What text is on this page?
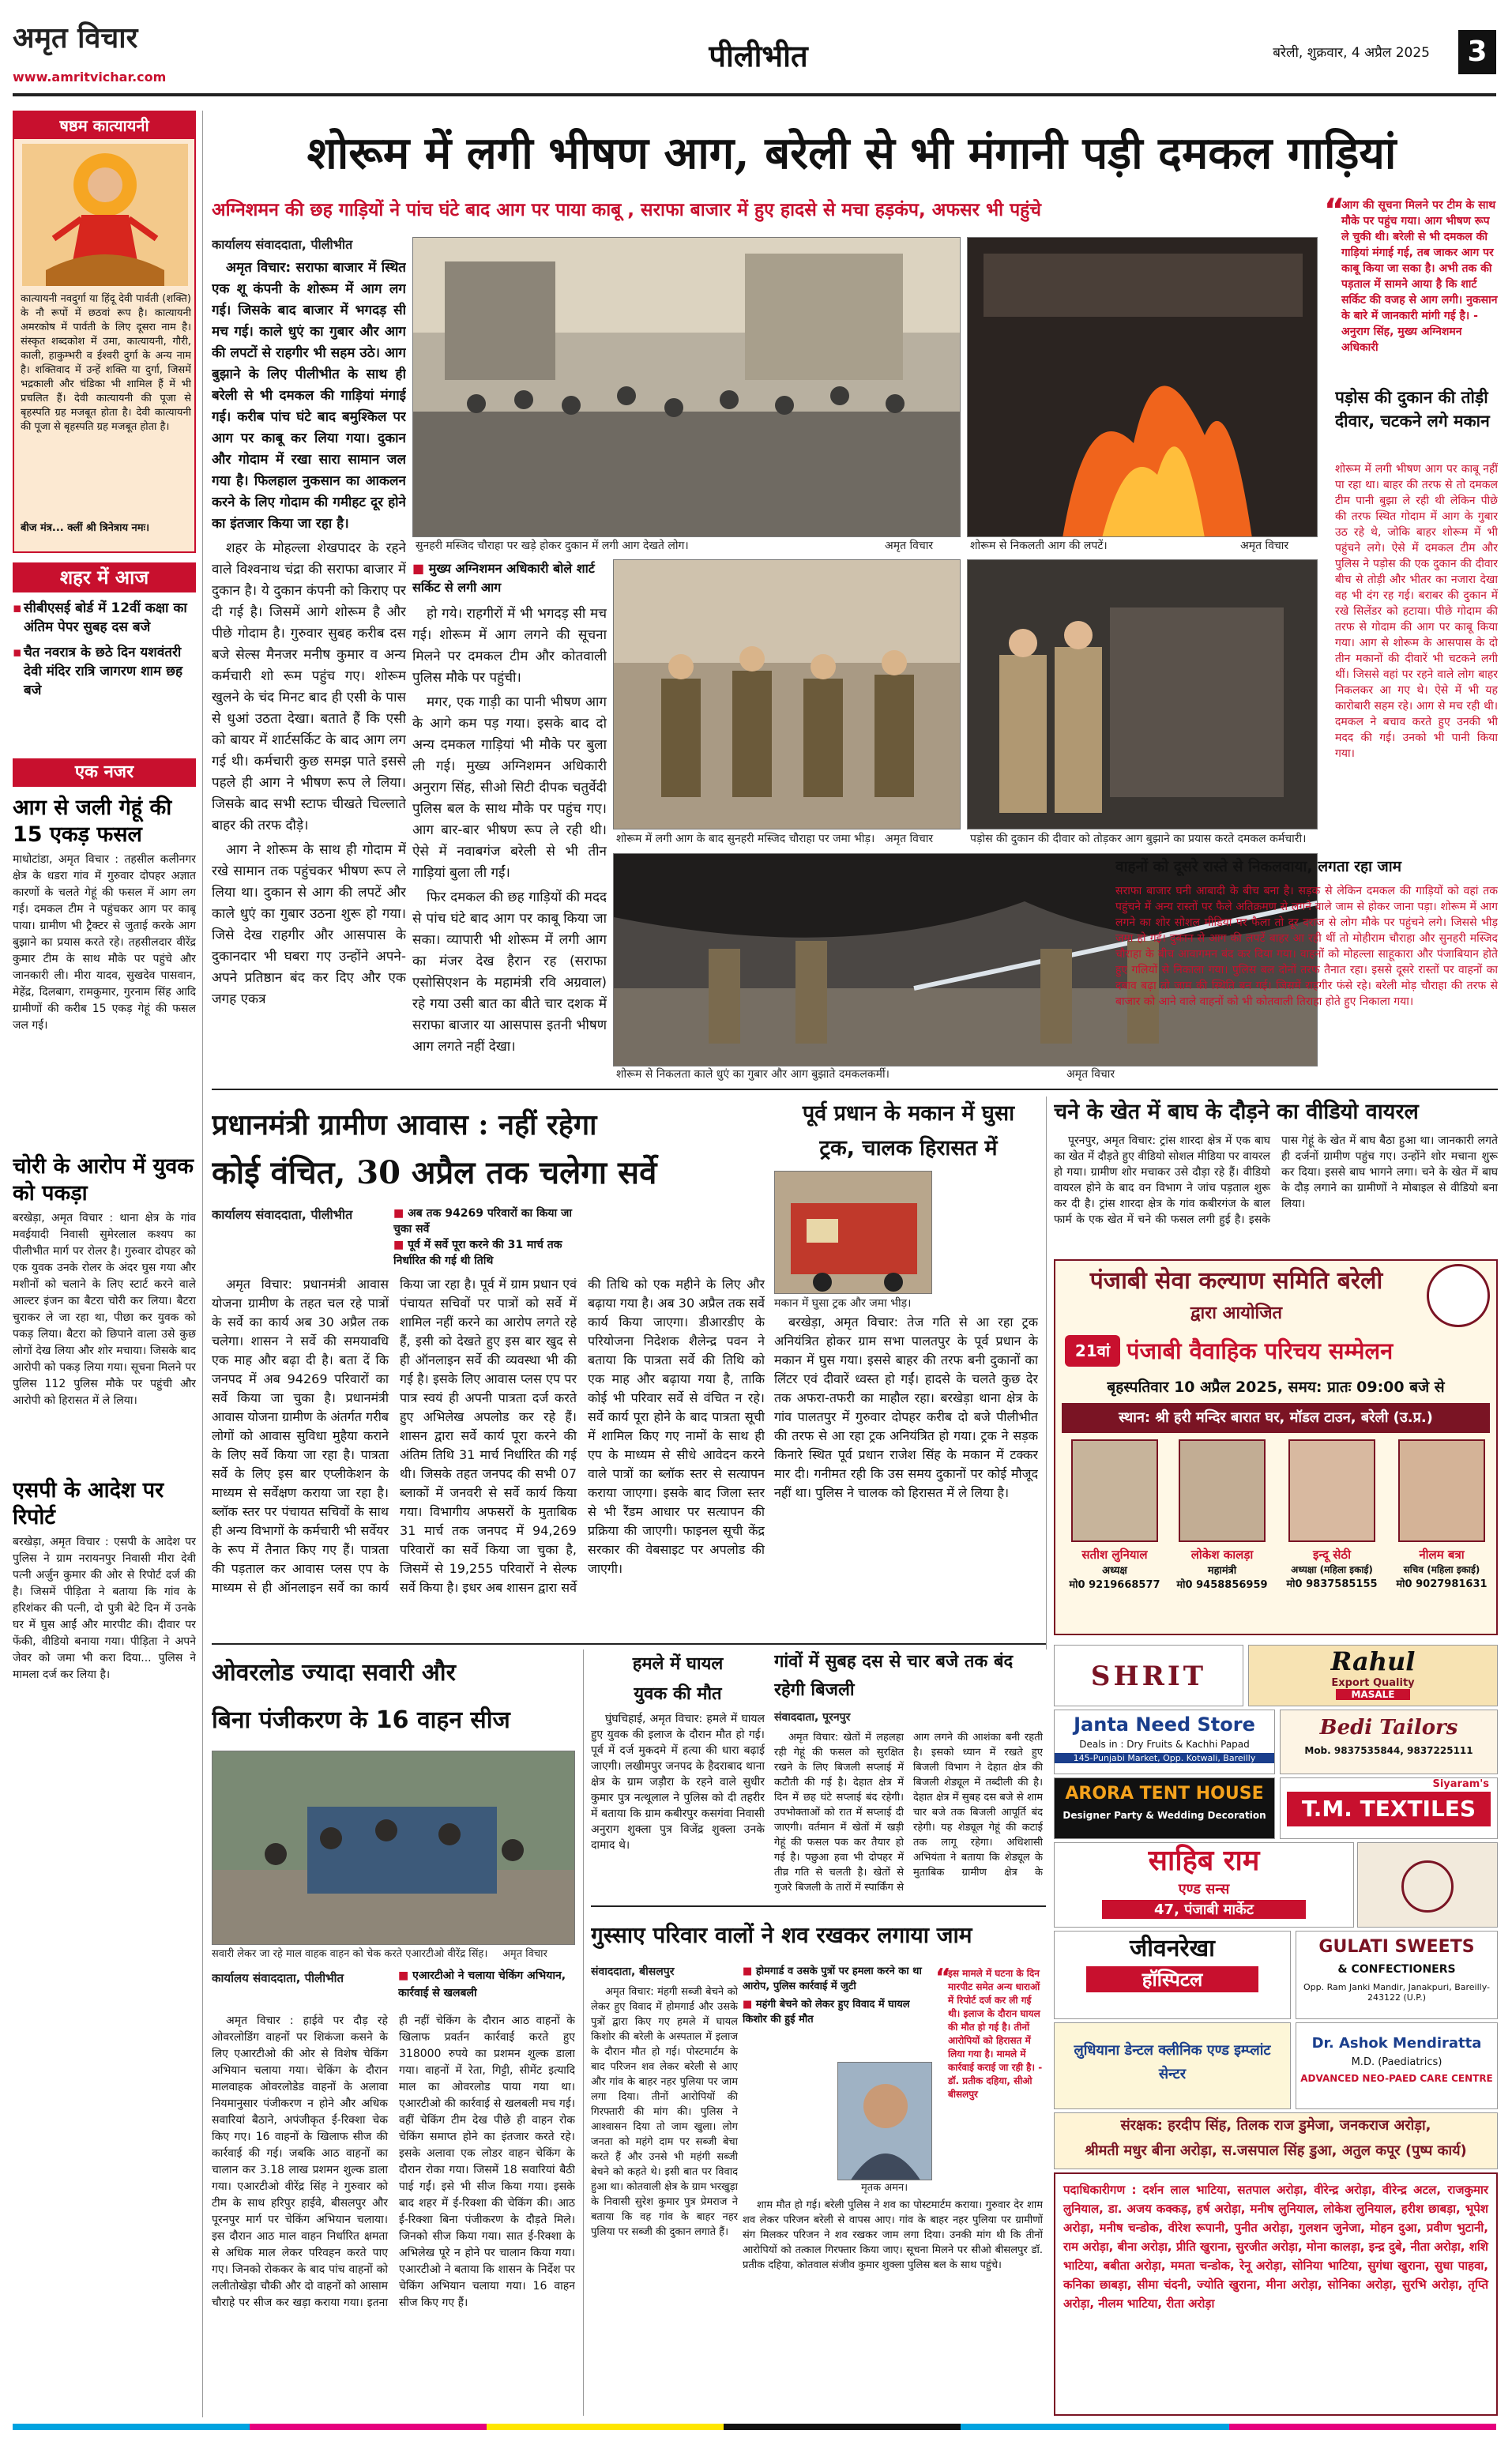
अमृत विचार
www.amritvichar.com
पीलीभीत	बरेली, शुक्रवार, 4 अप्रैल 2025	3
षष्ठम कात्यायनी
कात्यायनी नवदुर्गा या हिंदू देवी पार्वती (शक्ति) के नौ रूपों में छठवां रूप है। कात्यायनी अमरकोष में पार्वती के लिए दूसरा नाम है। संस्कृत शब्दकोश में उमा, कात्यायनी, गौरी, काली, हाकुम्भरी व ईश्वरी दुर्गा के अन्य नाम है। शक्तिवाद में उन्हें शक्ति या दुर्गा, जिसमें भद्रकाली और चंडिका भी शामिल हैं में भी प्रचलित हैं। देवी कात्यायनी की पूजा से बृहस्पति ग्रह मजबूत होता है। देवी कात्यायनी की पूजा से बृहस्पति ग्रह मजबूत होता है।
बीज मंत्र... क्लीं श्री त्रिनेत्राय नमः।
शहर में आज
▪ सीबीएसई बोर्ड में 12वीं कक्षा का अंतिम पेपर सुबह दस बजे
▪ चैत नवरात्र के छठे दिन यशवंतरी देवी मंदिर रात्रि जागरण शाम छह बजे
एक नजर
आग से जली गेहूं की 15 एकड़ फसल
माधोटांडा, अमृत विचार : तहसील कलीनगर क्षेत्र के धडरा गांव में गुरुवार दोपहर अज्ञात कारणों के चलते गेहूं की फसल में आग लग गई। दमकल टीम ने पहुंचकर आग पर काबू पाया। ग्रामीण भी ट्रैक्टर से जुताई करके आग बुझाने का प्रयास करते रहे। तहसीलदार वीरेंद्र कुमार टीम के साथ मौके पर पहुंचे और जानकारी ली। मीरा यादव, सुखदेव पासवान, मेहेंद्र, दिलबाग, रामकुमार, गुरनाम सिंह आदि ग्रामीणों की करीब 15 एकड़ गेहूं की फसल जल गई।
चोरी के आरोप में युवक को पकड़ा
बरखेड़ा, अमृत विचार : थाना क्षेत्र के गांव मवईयादी निवासी सुमेरलाल कश्यप का पीलीभीत मार्ग पर रोलर है। गुरुवार दोपहर को एक युवक उनके रोलर के अंदर घुस गया और मशीनों को चलाने के लिए स्टार्ट करने वाले आल्टर इंजन का बैटरा चोरी कर लिया। बैटरा चुराकर ले जा रहा था, पीछा कर युवक को पकड़ लिया। बैटरा को छिपाने वाला उसे कुछ लोगों देख लिया और शोर मचाया। जिसके बाद आरोपी को पकड़ लिया गया। सूचना मिलने पर पुलिस 112 पुलिस मौके पर पहुंची और आरोपी को हिरासत में ले लिया।
एसपी के आदेश पर रिपोर्ट
बरखेड़ा, अमृत विचार : एसपी के आदेश पर पुलिस ने ग्राम नरायनपुर निवासी मीरा देवी पत्नी अर्जुन कुमार की ओर से रिपोर्ट दर्ज की है। जिसमें पीड़िता ने बताया कि गांव के हरिशंकर की पत्नी, दो पुत्री बेटे दिन में उनके घर में घुस आईं और मारपीट की। दीवार पर फेंकी, वीडियो बनाया गया। पीड़िता ने अपने जेवर को जमा भी करा दिया... पुलिस ने मामला दर्ज कर लिया है।
शोरूम में लगी भीषण आग, बरेली से भी मंगानी पड़ी दमकल गाड़ियां
अग्निशमन की छह गाड़ियों ने पांच घंटे बाद आग पर पाया काबू , सराफा बाजार में हुए हादसे से मचा हड़कंप, अफसर भी पहुंचे
कार्यालय संवाददाता, पीलीभीत

अमृत विचार: सराफा बाजार में स्थित एक शू कंपनी के शोरूम में आग लग गई। जिसके बाद बाजार में भगदड़ सी मच गई। काले धुएं का गुबार और आग की लपटों से राहगीर भी सहम उठे। आग बुझाने के लिए पीलीभीत के साथ ही बरेली से भी दमकल की गाड़ियां मंगाई गई। करीब पांच घंटे बाद बमुश्किल पर आग पर काबू कर लिया गया। दुकान और गोदाम में रखा सारा सामान जल गया है। फिलहाल नुकसान का आकलन करने के लिए गोदाम की गमीहट दूर होने का इंतजार किया जा रहा है।

शहर के मोहल्ला शेखपादर के रहने वाले विश्वनाथ चंद्रा की सराफा बाजार में दुकान है। ये दुकान कंपनी को किराए पर दी गई है। जिसमें आगे शोरूम है और पीछे गोदाम है। गुरुवार सुबह करीब दस बजे सेल्स मैनजर मनीष कुमार व अन्य कर्मचारी शो रूम पहुंच गए। शोरूम खुलने के चंद मिनट बाद ही एसी के पास से धुआं उठता देखा। बताते हैं कि एसी को बायर में शार्टसर्किट के बाद आग लग गई थी। कर्मचारी कुछ समझ पाते इससे पहले ही आग ने भीषण रूप ले लिया। जिसके बाद सभी स्टाफ चीखते चिल्लाते बाहर की तरफ दौड़े।

आग ने शोरूम के साथ ही गोदाम में रखे सामान तक पहुंचकर भीषण रूप ले लिया था। दुकान से आग की लपटें और काले धुएं का गुबार उठना शुरू हो गया। जिसे देख राहगीर और आसपास के दुकानदार भी घबरा गए उन्होंने अपने-अपने प्रतिष्ठान बंद कर दिए और एक जगह एकत्र

सुनहरी मस्जिद चौराहा पर खड़े होकर दुकान में लगी आग देखते लोग।	अमृत विचार	शोरूम से निकलती आग की लपटें।	अमृत विचार
“
आग की सूचना मिलने पर टीम के साथ मौके पर पहुंच गया। आग भीषण रूप ले चुकी थी। बरेली से भी दमकल की गाड़ियां मंगाई गई, तब जाकर आग पर काबू किया जा सका है। अभी तक की पड़ताल में सामने आया है कि शार्ट सर्किट की वजह से आग लगी। नुकसान के बारे में जानकारी मांगी गई है। - अनुराग सिंह, मुख्य अग्निशमन अधिकारी
पड़ोस की दुकान की तोड़ी दीवार, चटकने लगे मकान
शोरूम में लगी भीषण आग पर काबू नहीं पा रहा था। बाहर की तरफ से तो दमकल टीम पानी बुझा ले रही थी लेकिन पीछे की तरफ स्थित गोदाम में आग के गुबार उठ रहे थे, जोकि बाहर शोरूम में भी पहुंचने लगे। ऐसे में दमकल टीम और पुलिस ने पड़ोस की एक दुकान की दीवार बीच से तोड़ी और भीतर का नजारा देखा वह भी दंग रह गई। बराबर की दुकान में रखे सिलेंडर को हटाया। पीछे गोदाम की तरफ से गोदाम की आग पर काबू किया गया। आग से शोरूम के आसपास के दो तीन मकानों की दीवारें भी चटकने लगी थीं। जिससे वहां पर रहने वाले लोग बाहर निकलकर आ गए थे। ऐसे में भी यह कारोबारी सहम रहे। आग से मच रही थी। दमकल ने बचाव करते हुए उनकी भी मदद की गई। उनको भी पानी किया गया।
■ मुख्य अग्निशमन अधिकारी बोले शार्ट सर्किट से लगी आग

हो गये। राहगीरों में भी भगदड़ सी मच गई। शोरूम में आग लगने की सूचना मिलने पर दमकल टीम और कोतवाली पुलिस मौके पर पहुंची।

मगर, एक गाड़ी का पानी भीषण आग के आगे कम पड़ गया। इसके बाद दो अन्य दमकल गाड़ियां भी मौके पर बुला ली गई। मुख्य अग्निशमन अधिकारी अनुराग सिंह, सीओ सिटी दीपक चतुर्वेदी पुलिस बल के साथ मौके पर पहुंच गए। आग बार-बार भीषण रूप ले रही थी। ऐसे में नवाबगंज बरेली से भी तीन गाड़ियां बुला ली गईं।

फिर दमकल की छह गाड़ियों की मदद से पांच घंटे बाद आग पर काबू किया जा सका। व्यापारी भी शोरूम में लगी आग का मंजर देख हैरान रह (सराफा एसोसिएशन के महामंत्री रवि अग्रवाल) रहे गया उसी बात का बीते चार दशक में सराफा बाजार या आसपास इतनी भीषण आग लगते नहीं देखा।

शोरूम में लगी आग के बाद सुनहरी मस्जिद चौराहा पर जमा भीड़। अमृत विचार	पड़ोस की दुकान की दीवार को तोड़कर आग बुझाने का प्रयास करते दमकल कर्मचारी।
शोरूम से निकलता काले धुएं का गुबार और आग बुझाते दमकलकर्मी।	अमृत विचार
वाहनों को दूसरे रास्ते से निकलवाया, लगता रहा जाम
सराफा बाजार घनी आबादी के बीच बना है। सड़क से लेकिन दमकल की गाड़ियों को वहां तक पहुंचने में अन्य रास्तों पर फैले अतिक्रमण से लगने वाले जाम से होकर जाना पड़ा। शोरूम में आग लगने का शोर सोशल मीडिया पर फैला तो दूर दराज से लोग मौके पर पहुंचने लगे। जिससे भीड़ जमा हो गई। दुकान से आग की लपटें बाहर आ रही थीं तो मोहीराम चौराहा और सुनहरी मस्जिद चौराहा के बीच आवागमन बंद कर दिया गया। वाहनों को मोहल्ला साहूकारा और पंजाबियान होते हुए गलियों से निकाला गया। पुलिस बल दोनों तरफ तैनात रहा। इससे दूसरे रास्तों पर वाहनों का दबाव बढ़ा तो जाम की स्थिति बन गई। जिसमें राहगीर फंसे रहे। बरेली मोड़ चौराहा की तरफ से बाजार को आने वाले वाहनों को भी कोतवाली तिराहा होते हुए निकाला गया।
प्रधानमंत्री ग्रामीण आवास : नहीं रहेगा
कोई वंचित, 30 अप्रैल तक चलेगा सर्वे
कार्यालय संवाददाता, पीलीभीत	■ अब तक 94269 परिवारों का किया जा चुका सर्वे
■ पूर्व में सर्वे पूरा करने की 31 मार्च तक निर्धारित की गई थी तिथि

अमृत विचार: प्रधानमंत्री आवास योजना ग्रामीण के तहत चल रहे पात्रों के सर्वे का कार्य अब 30 अप्रैल तक चलेगा। शासन ने सर्वे की समयावधि एक माह और बढ़ा दी है। बता दें कि जनपद में अब 94269 परिवारों का सर्वे किया जा चुका है। प्रधानमंत्री आवास योजना ग्रामीण के अंतर्गत गरीब लोगों को आवास सुविधा मुहैया कराने के लिए सर्वे किया जा रहा है। पात्रता सर्वे के लिए इस बार एप्लीकेशन के माध्यम से सर्वेक्षण कराया जा रहा है। ब्लॉक स्तर पर पंचायत सचिवों के साथ ही अन्य विभागों के कर्मचारी भी सर्वेयर के रूप में तैनात किए गए हैं। पात्रता की पड़ताल कर आवास प्लस एप के माध्यम से ही ऑनलाइन सर्वे का कार्य किया जा रहा है। पूर्व में ग्राम प्रधान एवं पंचायत सचिवों पर पात्रों को सर्वे में शामिल नहीं करने का आरोप लगते रहे हैं, इसी को देखते हुए इस बार खुद से ही ऑनलाइन सर्वे की व्यवस्था भी की गई है। इसके लिए आवास प्लस एप पर पात्र स्वयं ही अपनी पात्रता दर्ज करते हुए अभिलेख अपलोड कर रहे हैं। शासन द्वारा सर्वे कार्य पूरा करने की अंतिम तिथि 31 मार्च निर्धारित की गई थी। जिसके तहत जनपद की सभी 07 ब्लाकों में जनवरी से सर्वे कार्य किया गया। विभागीय अफसरों के मुताबिक 31 मार्च तक जनपद में 94,269 परिवारों का सर्वे किया जा चुका है, जिसमें से 19,255 परिवारों ने सेल्फ सर्वे किया है। इधर अब शासन द्वारा सर्वे की तिथि को एक महीने के लिए और बढ़ाया गया है। अब 30 अप्रैल तक सर्वे कार्य किया जाएगा। डीआरडीए के परियोजना निदेशक शैलेन्द्र पवन ने बताया कि पात्रता सर्वे की तिथि को एक माह और बढ़ाया गया है, ताकि कोई भी परिवार सर्वे से वंचित न रहे। सर्वे कार्य पूरा होने के बाद पात्रता सूची में शामिल किए गए नामों के साथ ही एप के माध्यम से सीधे आवेदन करने वाले पात्रों का ब्लॉक स्तर से सत्यापन कराया जाएगा। इसके बाद जिला स्तर से भी रैंडम आधार पर सत्यापन की प्रक्रिया की जाएगी। फाइनल सूची केंद्र सरकार की वेबसाइट पर अपलोड की जाएगी।

पूर्व प्रधान के मकान में घुसा
ट्रक, चालक हिरासत में
मकान में घुसा ट्रक और जमा भीड़।

बरखेड़ा, अमृत विचार: तेज गति से आ रहा ट्रक अनियंत्रित होकर ग्राम सभा पालतपुर के पूर्व प्रधान के मकान में घुस गया। इससे बाहर की तरफ बनी दुकानों का लिंटर एवं दीवारें ध्वस्त हो गईं। हादसे के चलते कुछ देर तक अफरा-तफरी का माहौल रहा। बरखेड़ा थाना क्षेत्र के गांव पालतपुर में गुरुवार दोपहर करीब दो बजे पीलीभीत की तरफ से आ रहा ट्रक अनियंत्रित हो गया। ट्रक ने सड़क किनारे स्थित पूर्व प्रधान राजेश सिंह के मकान में टक्कर मार दी। गनीमत रही कि उस समय दुकानों पर कोई मौजूद नहीं था। पुलिस ने चालक को हिरासत में ले लिया है।

चने के खेत में बाघ के दौड़ने का वीडियो वायरल

पूरनपुर, अमृत विचार: ट्रांस शारदा क्षेत्र में एक बाघ का खेत में दौड़ते हुए वीडियो सोशल मीडिया पर वायरल हो गया। ग्रामीण शोर मचाकर उसे दौड़ा रहे हैं। वीडियो वायरल होने के बाद वन विभाग ने जांच पड़ताल शुरू कर दी है। ट्रांस शारदा क्षेत्र के गांव कबीरगंज के बाल फार्म के एक खेत में चने की फसल लगी हुई है। इसके पास गेहूं के खेत में बाघ बैठा हुआ था। जानकारी लगते ही दर्जनों ग्रामीण पहुंच गए। उन्होंने शोर मचाना शुरू कर दिया। इससे बाघ भागने लगा। चने के खेत में बाघ के दौड़ लगाने का ग्रामीणों ने मोबाइल से वीडियो बना लिया।

पंजाबी सेवा कल्याण समिति बरेली
द्वारा आयोजित
21वां पंजाबी वैवाहिक परिचय सम्मेलन
बृहस्पतिवार 10 अप्रैल 2025, समय: प्रातः 09:00 बजे से
स्थान: श्री हरी मन्दिर बारात घर, मॉडल टाउन, बरेली (उ.प्र.)
सतीश लुनियाल
अध्यक्ष
मो0 9219668577
लोकेश कालड़ा
महामंत्री
मो0 9458856959
इन्दू सेठी
अध्यक्षा (महिला इकाई)
मो0 9837585155
नीलम बत्रा
सचिव (महिला इकाई)
मो0 9027981631
ओवरलोड ज्यादा सवारी और
बिना पंजीकरण के 16 वाहन सीज
सवारी लेकर जा रहे माल वाहक वाहन को चेक करते एआरटीओ वीरेंद्र सिंह।	अमृत विचार
कार्यालय संवाददाता, पीलीभीत	■ एआरटीओ ने चलाया चेकिंग अभियान, कार्रवाई से खलबली

अमृत विचार : हाईवे पर दौड़ रहे ओवरलोडिंग वाहनों पर शिकंजा कसने के लिए एआरटीओ की ओर से विशेष चेकिंग अभियान चलाया गया। चेकिंग के दौरान मालवाहक ओवरलोडेड वाहनों के अलावा नियमानुसार पंजीकरण न होने और अधिक सवारियां बैठाने, अपंजीकृत ई-रिक्शा चेक किए गए। 16 वाहनों के खिलाफ सीज की कार्रवाई की गई। जबकि आठ वाहनों का चालान कर 3.18 लाख प्रशमन शुल्क डाला गया। एआरटीओ वीरेंद्र सिंह ने गुरुवार को टीम के साथ हरिपुर हाईवे, बीसलपुर और पूरनपुर मार्ग पर चेकिंग अभियान चलाया। इस दौरान आठ माल वाहन निर्धारित क्षमता से अधिक माल लेकर परिवहन करते पाए गए। जिनको रोककर के बाद पांच वाहनों को ललीतोखेड़ा चौकी और दो वाहनों को आसाम चौराहे पर सीज कर खड़ा कराया गया। इतना ही नहीं चेकिंग के दौरान आठ वाहनों के खिलाफ प्रवर्तन कार्रवाई करते हुए 318000 रुपये का प्रशमन शुल्क डाला गया। वाहनों में रेता, गिट्टी, सीमेंट इत्यादि माल का ओवरलोड पाया गया था। एआरटीओ की कार्रवाई से खलबली मच गई। वहीं चेकिंग टीम देख पीछे ही वाहन रोक चेकिंग समाप्त होने का इंतजार करते रहे। इसके अलावा एक लोडर वाहन चेकिंग के दौरान रोका गया। जिसमें 18 सवारियां बैठी पाई गईं। इसे भी सीज किया गया। इसके बाद शहर में ई-रिक्शा की चेकिंग की। आठ ई-रिक्शा बिना पंजीकरण के दौड़ते मिले। जिनको सीज किया गया। सात ई-रिक्शा के अभिलेख पूरे न होने पर चालान किया गया। एआरटीओ ने बताया कि शासन के निर्देश पर चेकिंग अभियान चलाया गया। 16 वाहन सीज किए गए हैं।

हमले में घायल
युवक की मौत

घुंघचिहाई, अमृत विचार: हमले में घायल हुए युवक की इलाज के दौरान मौत हो गई। पूर्व में दर्ज मुकदमे में हत्या की धारा बढ़ाई जाएगी। लखीमपुर जनपद के हैदराबाद थाना क्षेत्र के ग्राम जड़ौरा के रहने वाले सुधीर कुमार पुत्र नत्थूलाल ने पुलिस को दी तहरीर में बताया कि ग्राम कबीरपुर कसगंवा निवासी अनुराग शुक्ला पुत्र विजेंद्र शुक्ला उनके दामाद थे।

गांवों में सुबह दस से चार बजे तक बंद रहेगी बिजली
संवाददाता, पूरनपुर

अमृत विचार: खेतों में लहलहा रही गेहूं की फसल को सुरक्षित रखने के लिए बिजली सप्लाई में कटौती की गई है। देहात क्षेत्र में दिन में छह घंटे सप्लाई बंद रहेगी। उपभोक्ताओं को रात में सप्लाई दी जाएगी। वर्तमान में खेतों में खड़ी गेहूं की फसल पक कर तैयार हो गई है। पछुआ हवा भी दोपहर में तीव्र गति से चलती है। खेतों से गुजरे बिजली के तारों में स्पार्किंग से आग लगने की आशंका बनी रहती है। इसको ध्यान में रखते हुए बिजली विभाग ने देहात क्षेत्र की बिजली शेड्यूल में तब्दीली की है। देहात क्षेत्र में सुबह दस बजे से शाम चार बजे तक बिजली आपूर्ति बंद रहेगी। यह शेड्यूल गेहूं की कटाई तक लागू रहेगा। अधिशासी अभियंता ने बताया कि शेड्यूल के मुताबिक ग्रामीण क्षेत्र के

गुस्साए परिवार वालों ने शव रखकर लगाया जाम
संवाददाता, बीसलपुर	■ होमगार्ड व उसके पुत्रों पर हमला करने का था आरोप, पुलिस कार्रवाई में जुटी
■ महंगी बेचने को लेकर हुए विवाद में घायल किशोर की हुई मौत
मृतक अमन।

अमृत विचार: मंहगी सब्जी बेचने को लेकर हुए विवाद में होमगार्ड और उसके पुत्रों द्वारा किए गए हमले में घायल किशोर की बरेली के अस्पताल में इलाज के दौरान मौत हो गई। पोस्टमार्टम के बाद परिजन शव लेकर बरेली से आए और गांव के बाहर नहर पुलिया पर जाम लगा दिया। तीनों आरोपियों की गिरफ्तारी की मांग की। पुलिस ने आश्वासन दिया तो जाम खुला। लोग जनता को महंगे दाम पर सब्जी बेचा करते हैं और उनसे भी महंगी सब्जी बेचने को कहते थे। इसी बात पर विवाद हुआ था। कोतवाली क्षेत्र के ग्राम भरखुड़ा के निवासी सुरेश कुमार पुत्र प्रेमराज ने बताया कि वह गांव के बाहर नहर पुलिया पर सब्जी की दुकान लगाते हैं।

“
इस मामले में घटना के दिन मारपीट समेत अन्य धाराओं में रिपोर्ट दर्ज कर ली गई थी। इलाज के दौरान घायल की मौत हो गई है। तीनों आरोपियों को हिरासत में लिया गया है। मामले में कार्रवाई कराई जा रही है। - डॉ. प्रतीक दहिया, सीओ बीसलपुर

शाम मौत हो गई। बरेली पुलिस ने शव का पोस्टमार्टम कराया। गुरुवार देर शाम शव लेकर परिजन बरेली से वापस आए। गांव के बाहर नहर पुलिया पर ग्रामीणों संग मिलकर परिजन ने शव रखकर जाम लगा दिया। उनकी मांग थी कि तीनों आरोपियों को तत्काल गिरफ्तार किया जाए। सूचना मिलने पर सीओ बीसलपुर डॉ. प्रतीक दहिया, कोतवाल संजीव कुमार शुक्ला पुलिस बल के साथ पहुंचे।

SHRIT	Rahul
Export Quality
MASALE
Janta Need Store
Deals in : Dry Fruits & Kachhi Papad
145-Punjabi Market, Opp. Kotwali, Bareilly
Bedi Tailors
Mob. 9837535844, 9837225111
ARORA TENT HOUSE
Designer Party & Wedding Decoration
Siyaram's
T.M. TEXTILES
साहिब राम
एण्ड सन्स
47, पंजाबी मार्केट
जीवनरेखा
हॉस्पिटल
GULATI SWEETS
& CONFECTIONERS
Opp. Ram Janki Mandir, Janakpuri, Bareilly-243122 (U.P.)
लुधियाना डेन्टल क्लीनिक एण्ड इम्प्लांट सेन्टर
Dr. Ashok Mendiratta
M.D. (Paediatrics)
ADVANCED NEO-PAED CARE CENTRE
संरक्षक: हरदीप सिंह, तिलक राज डुमेजा, जनकराज अरोड़ा,
श्रीमती मधुर बीना अरोड़ा, स.जसपाल सिंह डुआ, अतुल कपूर (पुष्प कार्य)
पदाधिकारीगण : दर्शन लाल भाटिया, सतपाल अरोड़ा, वीरेन्द्र अरोड़ा, वीरेन्द्र अटल, राजकुमार लुनियाल, डा. अजय कक्कड़, हर्ष अरोड़ा, मनीष लुनियाल, लोकेश लुनियाल, हरीश छाबड़ा, भूपेश अरोड़ा, मनीष चन्डोक, वीरेश रूपानी, पुनीत अरोड़ा, गुलशन जुनेजा, मोहन दुआ, प्रवीण भुटानी, राम अरोड़ा, बीना अरोड़ा, प्रीति खुराना, सुरजीत अरोड़ा, मोना कालड़ा, इन्द्र दुबे, नीता अरोड़ा, शशि भाटिया, बबीता अरोड़ा, ममता चन्डोक, रेनू अरोड़ा, सोनिया भाटिया, सुगंधा खुराना, सुधा पाहवा, कनिका छाबड़ा, सीमा चंदनी, ज्योति खुराना, मीना अरोड़ा, सोनिका अरोड़ा, सुरभि अरोड़ा, तृप्ति अरोड़ा, नीलम भाटिया, रीता अरोड़ा
